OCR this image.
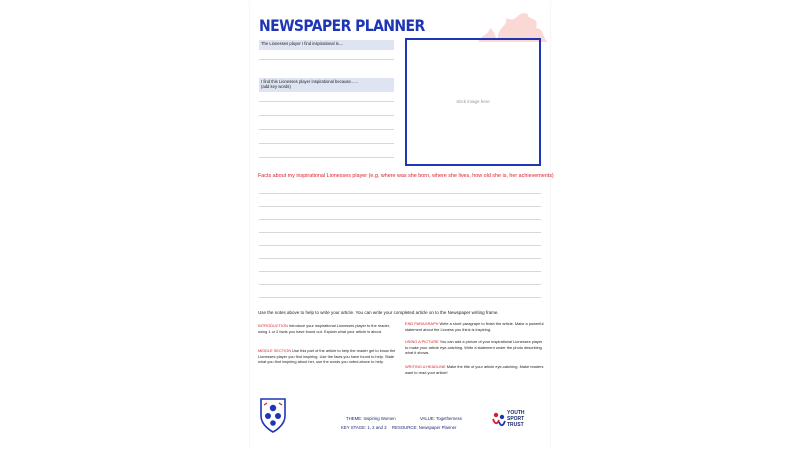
NEWSPAPER PLANNER
The Lionesses player I find inspirational is....
I find this Lionesses player inspirational because......
(add key words)
Stick image here
Facts about my inspirational Lionesses player (e.g. where was she born, where she lives, how old she is, her achievements)
Use the notes above to help to write your article. You can write your completed article on to the Newspaper writing frame.
INTRODUCTION Introduce your inspirational Lionesses player to the reader, using 1 or 2 facts you have found out. Explain what your article is about.
MIDDLE SECTION Use this part of the article to help the reader get to know the Lionesses player you find inspiring. Use the facts you have found to help. State what you find inspiring about her, use the words you noted above to help.
END PARAGRAPH Write a short paragraph to finish the article. Make a powerful statement about the Lioness you think is inspiring.
USING A PICTURE You can add a picture of your inspirational Lionesses player to make your article eye-catching. Write a statement under the photo describing what it shows.
WRITING A HEADLINE Make the title of your article eye-catching. Make readers want to read your article!
THEME: Inspiring Women	VALUE: Togetherness
KEY STAGE: 1, 2 and 3 RESOURCE: Newspaper Planner
YOUTH
SPORT
TRUST
